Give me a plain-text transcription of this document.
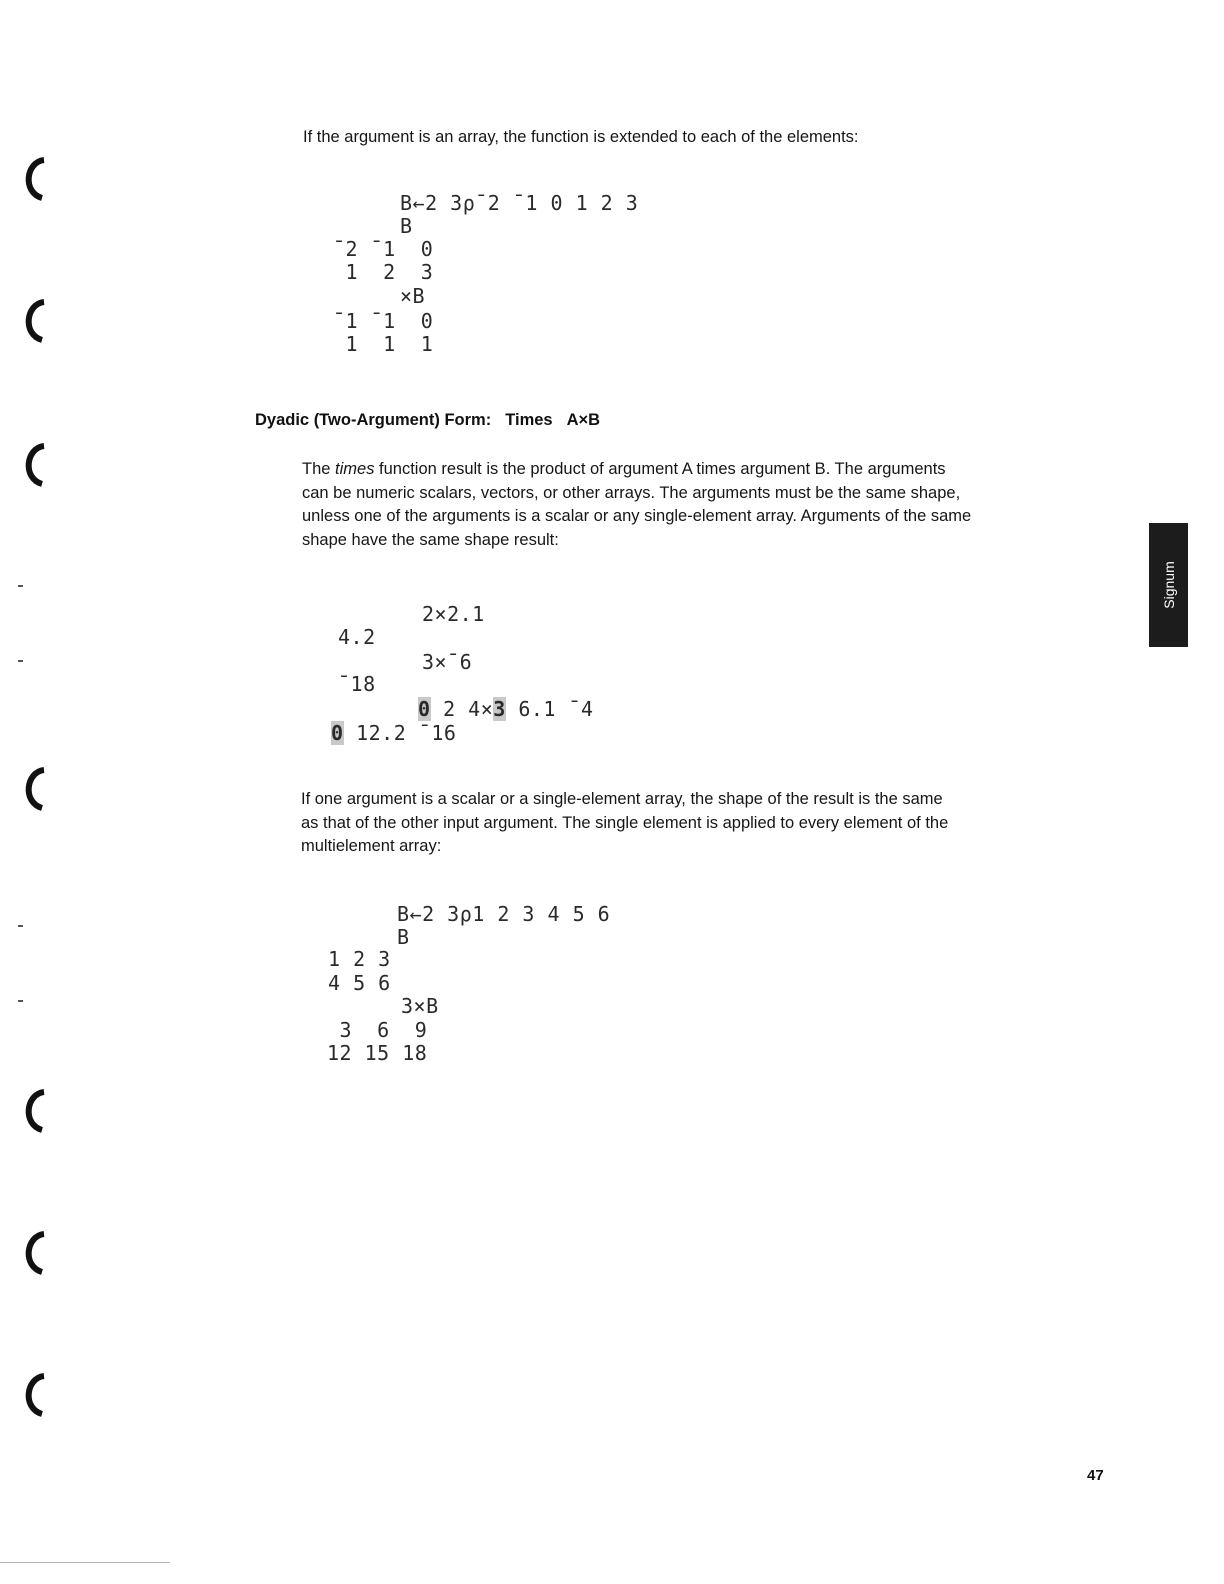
If the argument is an array, the function is extended to each of the elements:

B←2 3ρ¯2 ¯1 0 1 2 3
B
¯2 ¯1  0
1  2  3
×B
¯1 ¯1  0
1  1  1
Dyadic (Two-Argument) Form: Times A×B

The times function result is the product of argument A times argument B. The arguments can be numeric scalars, vectors, or other arrays. The arguments must be the same shape, unless one of the arguments is a scalar or any single-element array. Arguments of the same shape have the same shape result:

2×2.1
4.2
3×¯6
¯18
0 2 4×3 6.1 ¯4
0 12.2 ¯16

If one argument is a scalar or a single-element array, the shape of the result is the same as that of the other input argument. The single element is applied to every element of the multielement array:

B←2 3ρ1 2 3 4 5 6
B
1 2 3
4 5 6
3×B
3  6  9
12 15 18
Signum
47
